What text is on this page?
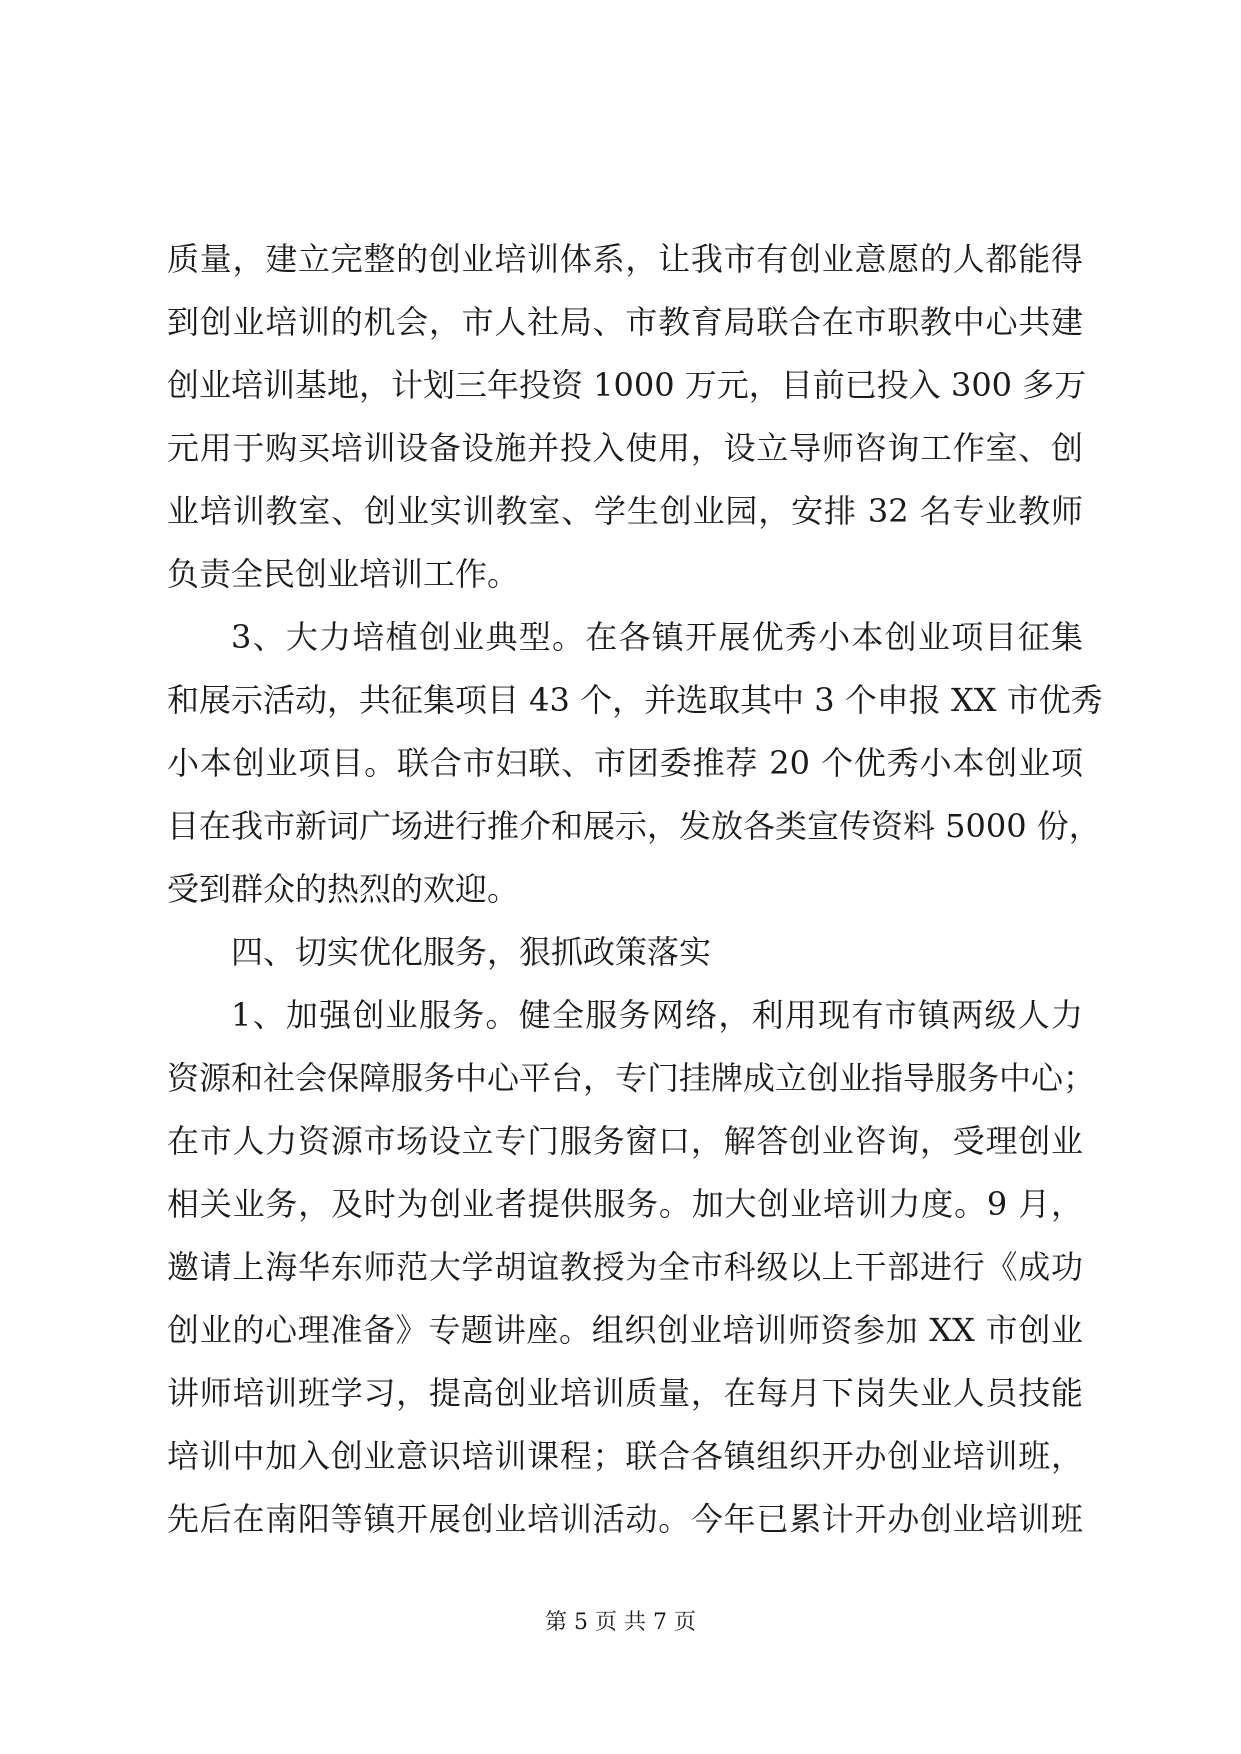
质量，建立完整的创业培训体系，让我市有创业意愿的人都能得
到创业培训的机会，市人社局、市教育局联合在市职教中心共建
创业培训基地，计划三年投资 1000 万元，目前已投入 300 多万
元用于购买培训设备设施并投入使用，设立导师咨询工作室、创
业培训教室、创业实训教室、学生创业园，安排 32 名专业教师
负责全民创业培训工作。
3、大力培植创业典型。在各镇开展优秀小本创业项目征集
和展示活动，共征集项目 43 个，并选取其中 3 个申报 XX 市优秀
小本创业项目。联合市妇联、市团委推荐 20 个优秀小本创业项
目在我市新词广场进行推介和展示，发放各类宣传资料 5000 份，
受到群众的热烈的欢迎。
四、切实优化服务，狠抓政策落实
1、加强创业服务。健全服务网络，利用现有市镇两级人力
资源和社会保障服务中心平台，专门挂牌成立创业指导服务中心；
在市人力资源市场设立专门服务窗口，解答创业咨询，受理创业
相关业务，及时为创业者提供服务。加大创业培训力度。9 月，
邀请上海华东师范大学胡谊教授为全市科级以上干部进行《成功
创业的心理准备》专题讲座。组织创业培训师资参加 XX 市创业
讲师培训班学习，提高创业培训质量，在每月下岗失业人员技能
培训中加入创业意识培训课程；联合各镇组织开办创业培训班，
先后在南阳等镇开展创业培训活动。今年已累计开办创业培训班
第 5 页 共 7 页
